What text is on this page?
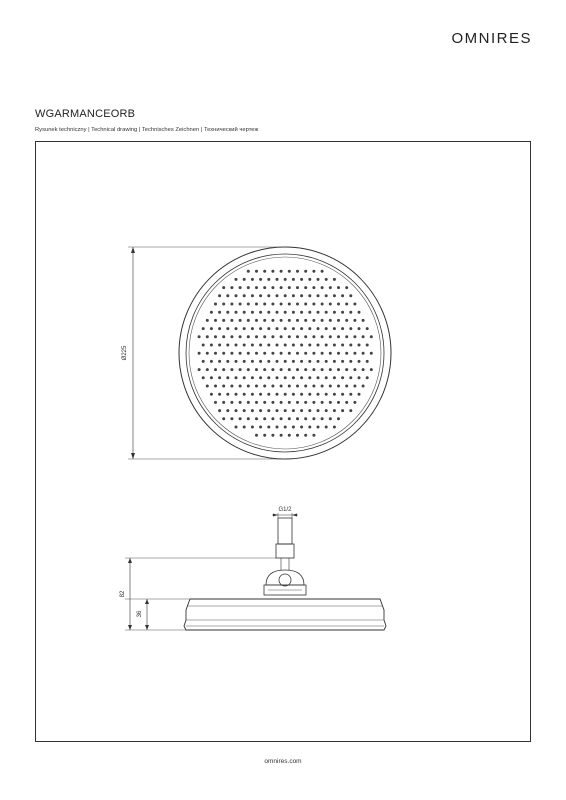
OMNIRES
WGARMANCEORB
Rysunek techniczny | Technical drawing | Technisches Zeichnen | Технический чертеж
Ø225
G1/2
82
36
omnires.com
